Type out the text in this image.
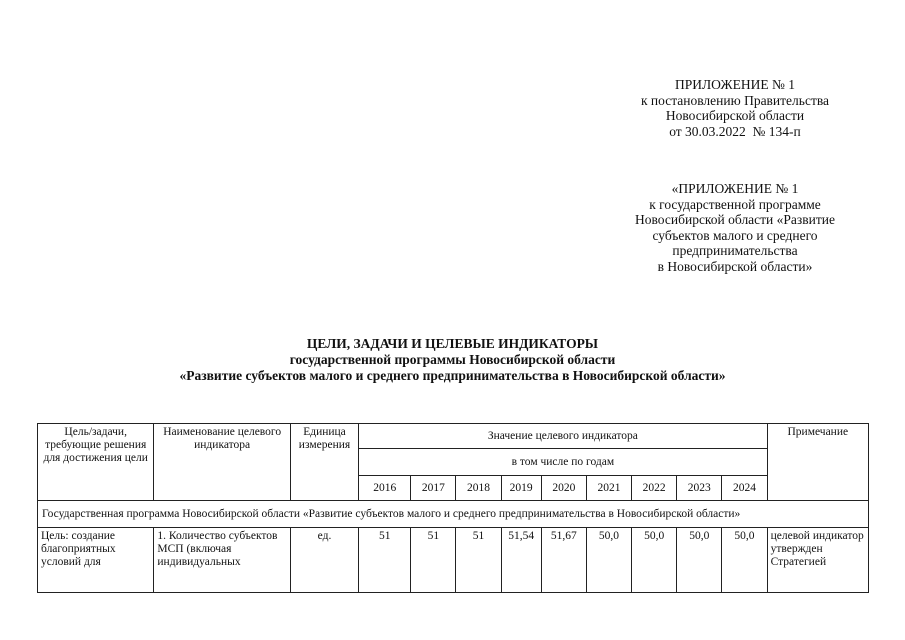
ПРИЛОЖЕНИЕ № 1
к постановлению Правительства
Новосибирской области
от 30.03.2022  № 134-п
«ПРИЛОЖЕНИЕ № 1
к государственной программе
Новосибирской области «Развитие
субъектов малого и среднего
предпринимательства
в Новосибирской области»
ЦЕЛИ, ЗАДАЧИ И ЦЕЛЕВЫЕ ИНДИКАТОРЫ
государственной программы Новосибирской области
«Развитие субъектов малого и среднего предпринимательства в Новосибирской области»
Цель/задачи, требующие решения для достижения цели	Наименование целевого индикатора	Единица измерения	Значение целевого индикатора									Примечание
			в том числе по годам									
			2016	2017	2018	2019	2020	2021	2022	2023	2024	
Государственная программа Новосибирской области «Развитие субъектов малого и среднего предпринимательства в Новосибирской области»												
Цель: создание благоприятных условий для	1. Количество субъектов МСП (включая индивидуальных	ед.	51	51	51	51,54	51,67	50,0	50,0	50,0	50,0	целевой индикатор утвержден Стратегией
